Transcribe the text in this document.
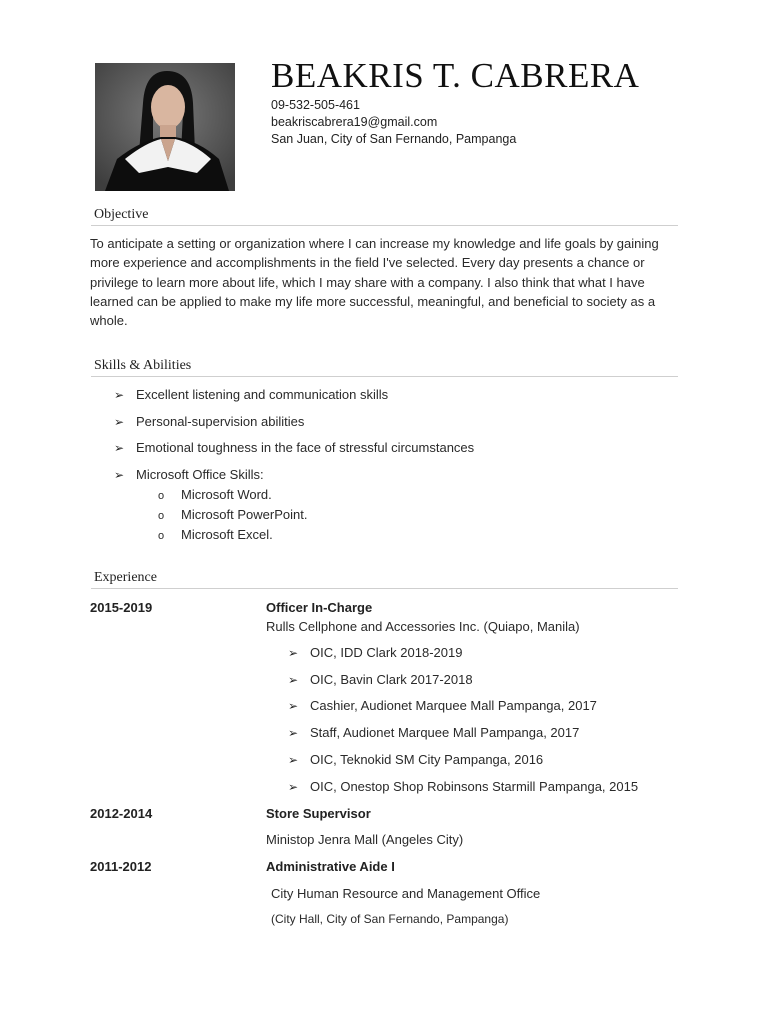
BEAKRIS T. CABRERA
09-532-505-461
beakriscabrera19@gmail.com
San Juan, City of San Fernando, Pampanga
Objective
To anticipate a setting or organization where I can increase my knowledge and life goals by gaining more experience and accomplishments in the field I've selected. Every day presents a chance or privilege to learn more about life, which I may share with a company. I also think that what I have learned can be applied to make my life more successful, meaningful, and beneficial to society as a whole.
Skills & Abilities
➢ Excellent listening and communication skills
➢ Personal-supervision abilities
➢ Emotional toughness in the face of stressful circumstances
➢ Microsoft Office Skills:
o Microsoft Word.
o Microsoft PowerPoint.
o Microsoft Excel.
Experience
2015-2019	Officer In-Charge
Rulls Cellphone and Accessories Inc. (Quiapo, Manila)
➢ OIC, IDD Clark 2018-2019
➢ OIC, Bavin Clark 2017-2018
➢ Cashier, Audionet Marquee Mall Pampanga, 2017
➢ Staff, Audionet Marquee Mall Pampanga, 2017
➢ OIC, Teknokid SM City Pampanga, 2016
➢ OIC, Onestop Shop Robinsons Starmill Pampanga, 2015
2012-2014	Store Supervisor
Ministop Jenra Mall (Angeles City)
2011-2012	Administrative Aide I
City Human Resource and Management Office
(City Hall, City of San Fernando, Pampanga)
